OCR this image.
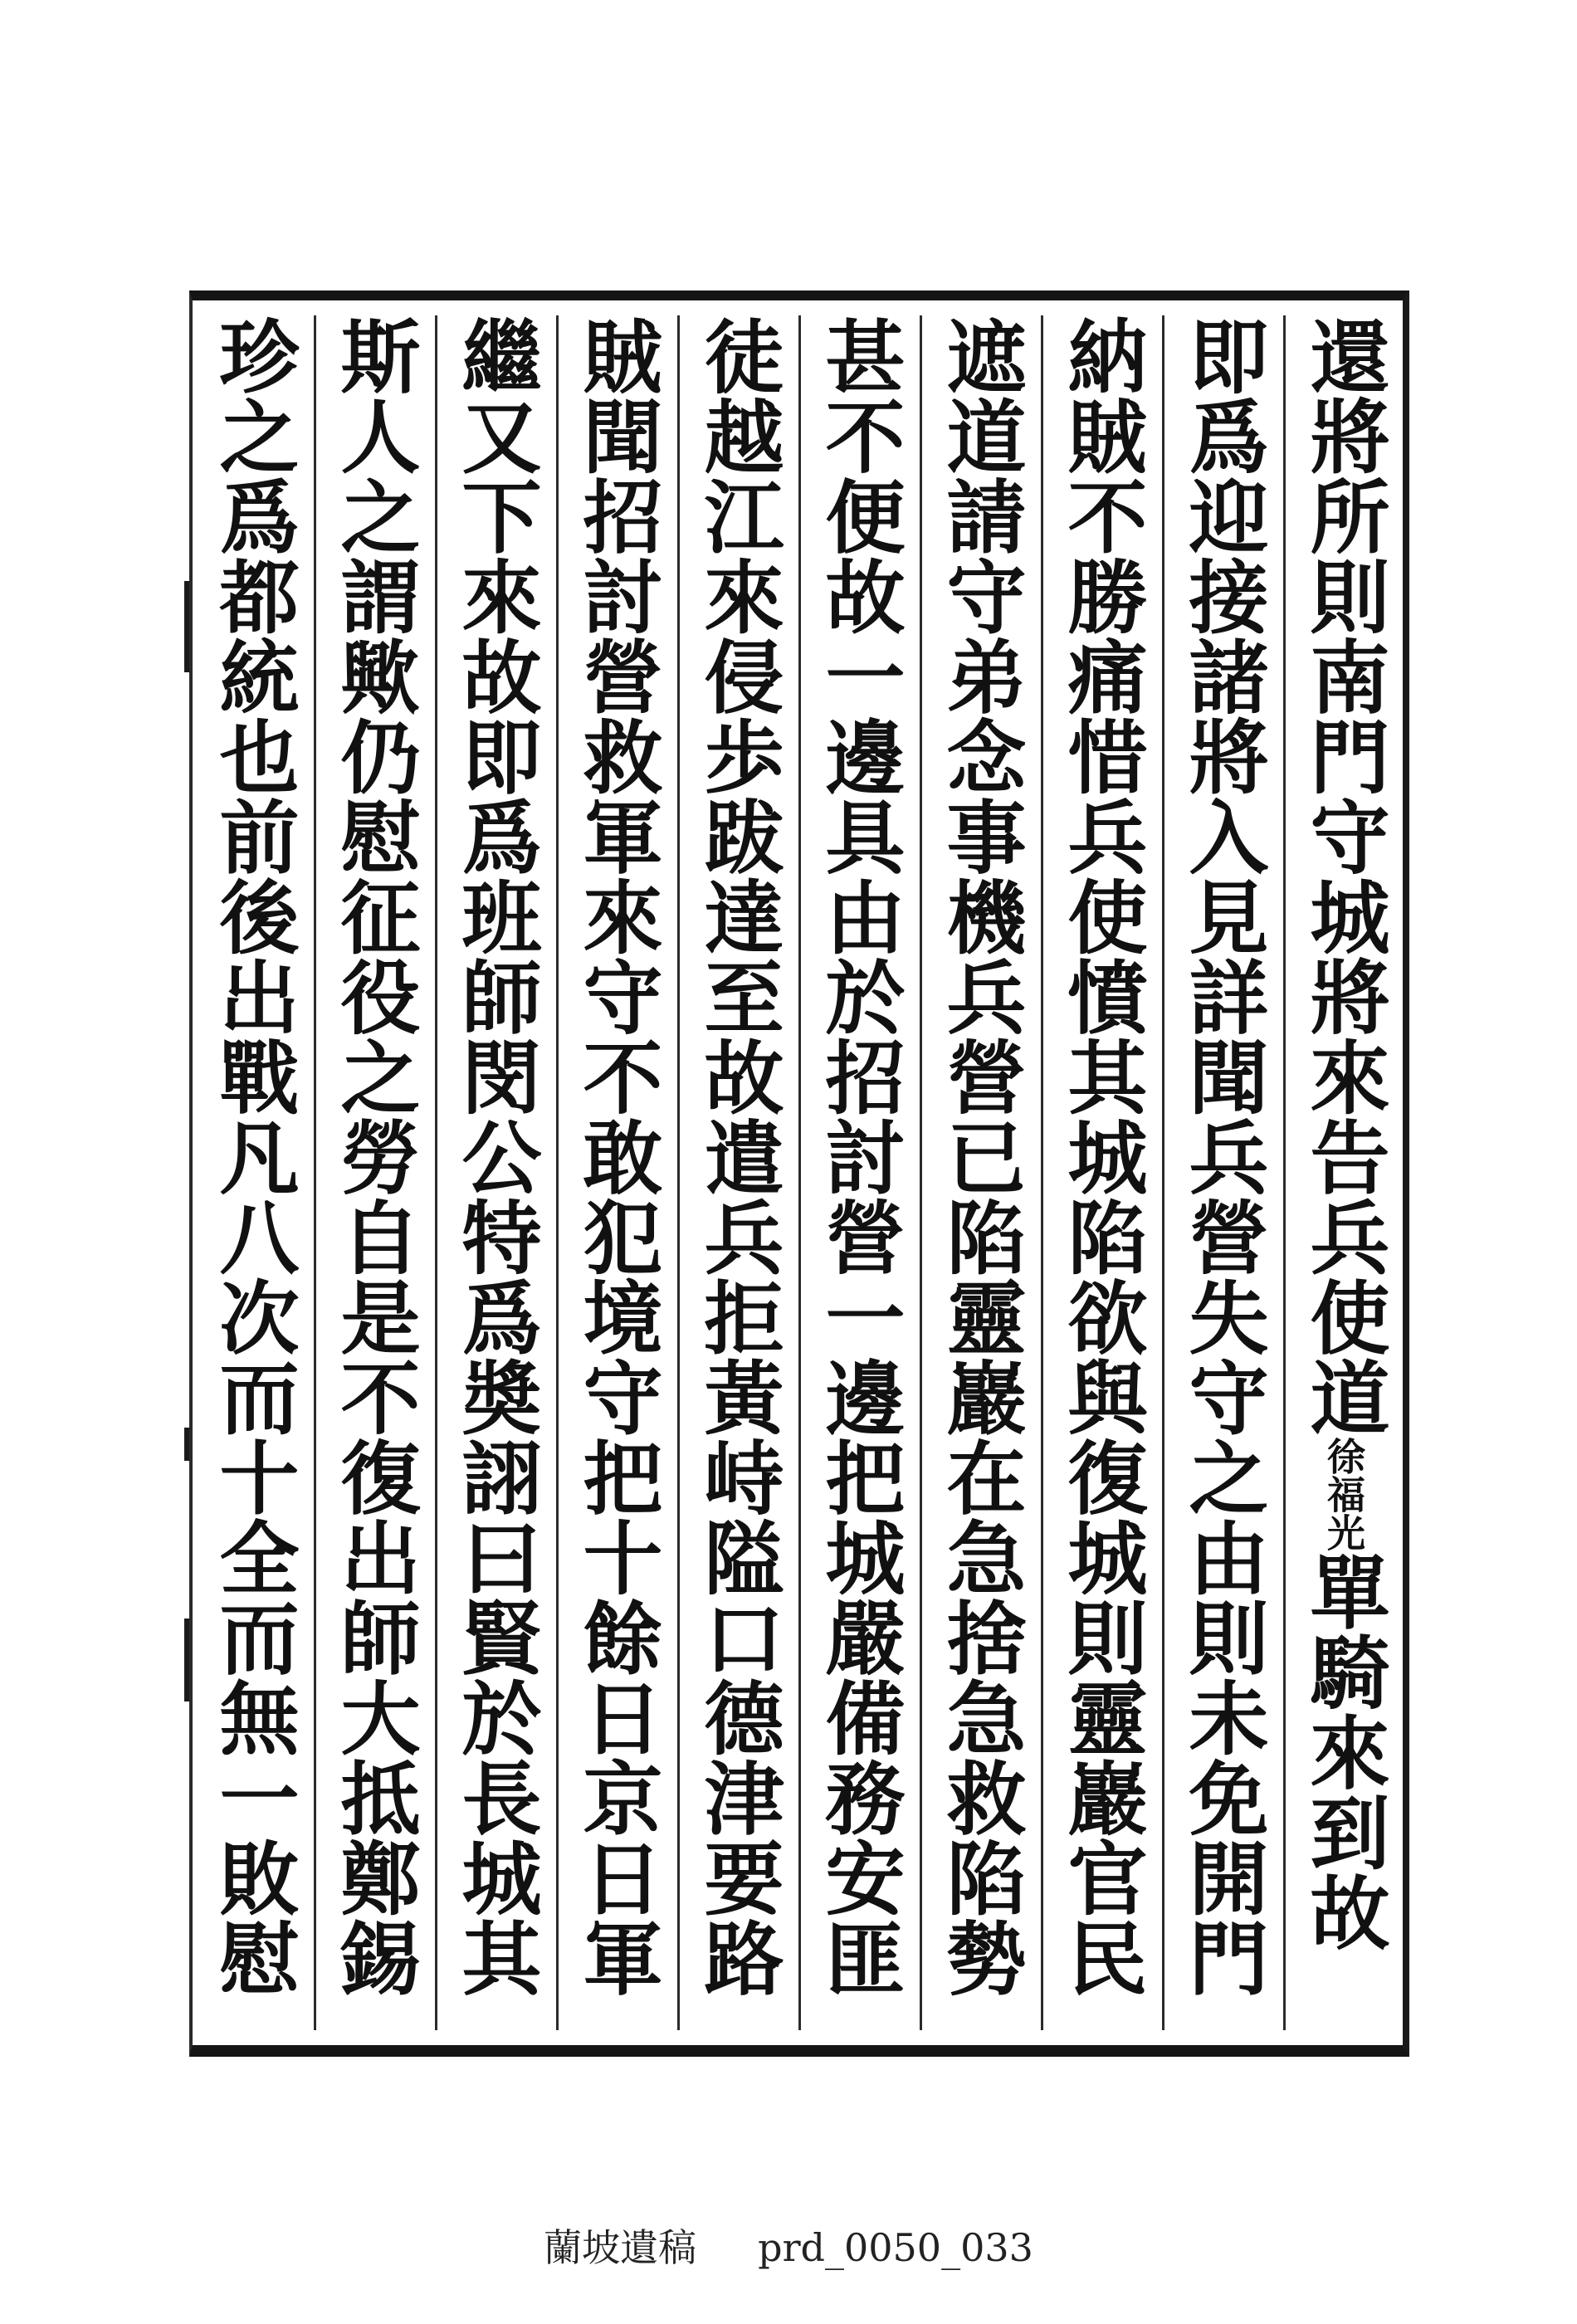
還將所則南門守城將來告兵使道徐福光單騎來到故
即爲迎接諸將入見詳聞兵營失守之由則未免開門
納賊不勝痛惜兵使憤其城陷欲與復城則靈巖官民
遮道請守弟念事機兵營已陷靈巖在急捨急救陷勢
甚不便故一邊具由於招討營一邊把城嚴備務安匪
徒越江來侵歩跋達至故遣兵拒黃峙隘口德津要路
賊聞招討營救軍來守不敢犯境守把十餘日京日軍
繼又下來故即爲班師閔公特爲奬詡曰賢於長城其
斯人之謂歟仍慰征役之勞自是不復出師大抵鄭錫
珍之爲都統也前後出戰凡八次而十全而無一敗慰
蘭坡遺稿 prd_0050_033
